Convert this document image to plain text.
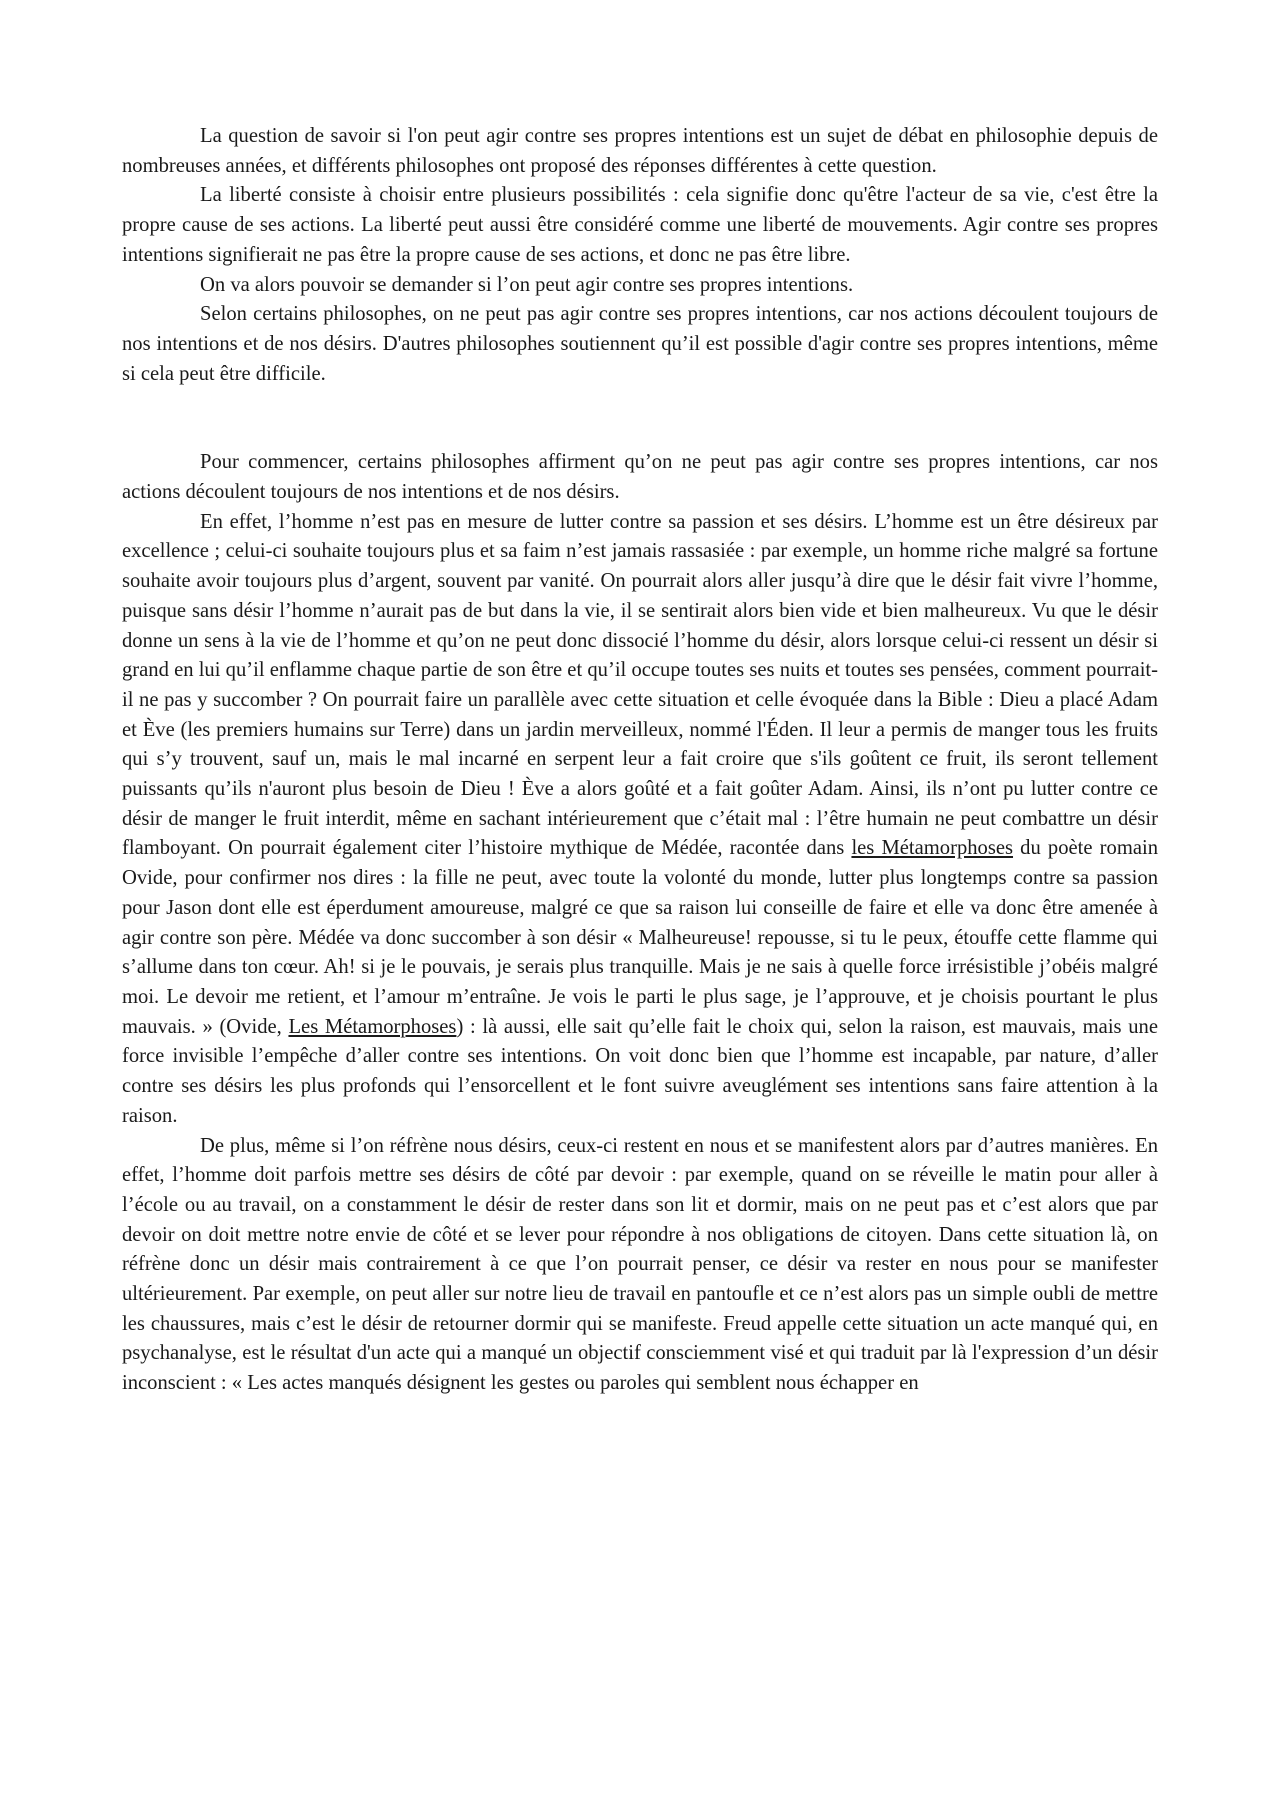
La question de savoir si l'on peut agir contre ses propres intentions est un sujet de débat en philosophie depuis de nombreuses années, et différents philosophes ont proposé des réponses différentes à cette question.

La liberté consiste à choisir entre plusieurs possibilités : cela signifie donc qu'être l'acteur de sa vie, c'est être la propre cause de ses actions. La liberté peut aussi être considéré comme une liberté de mouvements. Agir contre ses propres intentions signifierait ne pas être la propre cause de ses actions, et donc ne pas être libre.

On va alors pouvoir se demander si l’on peut agir contre ses propres intentions.

Selon certains philosophes, on ne peut pas agir contre ses propres intentions, car nos actions découlent toujours de nos intentions et de nos désirs. D'autres philosophes soutiennent qu’il est possible d'agir contre ses propres intentions, même si cela peut être difficile.

Pour commencer, certains philosophes affirment qu’on ne peut pas agir contre ses propres intentions, car nos actions découlent toujours de nos intentions et de nos désirs.

En effet, l’homme n’est pas en mesure de lutter contre sa passion et ses désirs. L’homme est un être désireux par excellence ; celui-ci souhaite toujours plus et sa faim n’est jamais rassasiée : par exemple, un homme riche malgré sa fortune souhaite avoir toujours plus d’argent, souvent par vanité. On pourrait alors aller jusqu’à dire que le désir fait vivre l’homme, puisque sans désir l’homme n’aurait pas de but dans la vie, il se sentirait alors bien vide et bien malheureux. Vu que le désir donne un sens à la vie de l’homme et qu’on ne peut donc dissocié l’homme du désir, alors lorsque celui-ci ressent un désir si grand en lui qu’il enflamme chaque partie de son être et qu’il occupe toutes ses nuits et toutes ses pensées, comment pourrait-il ne pas y succomber ? On pourrait faire un parallèle avec cette situation et celle évoquée dans la Bible : Dieu a placé Adam et Ève (les premiers humains sur Terre) dans un jardin merveilleux, nommé l'Éden. Il leur a permis de manger tous les fruits qui s’y trouvent, sauf un, mais le mal incarné en serpent leur a fait croire que s'ils goûtent ce fruit, ils seront tellement puissants qu’ils n'auront plus besoin de Dieu ! Ève a alors goûté et a fait goûter Adam. Ainsi, ils n’ont pu lutter contre ce désir de manger le fruit interdit, même en sachant intérieurement que c’était mal : l’être humain ne peut combattre un désir flamboyant. On pourrait également citer l’histoire mythique de Médée, racontée dans les Métamorphoses du poète romain Ovide, pour confirmer nos dires : la fille ne peut, avec toute la volonté du monde, lutter plus longtemps contre sa passion pour Jason dont elle est éperdument amoureuse, malgré ce que sa raison lui conseille de faire et elle va donc être amenée à agir contre son père. Médée va donc succomber à son désir « Malheureuse! repousse, si tu le peux, étouffe cette flamme qui s’allume dans ton cœur. Ah! si je le pouvais, je serais plus tranquille. Mais je ne sais à quelle force irrésistible j’obéis malgré moi. Le devoir me retient, et l’amour m’entraîne. Je vois le parti le plus sage, je l’approuve, et je choisis pourtant le plus mauvais. » (Ovide, Les Métamorphoses) : là aussi, elle sait qu’elle fait le choix qui, selon la raison, est mauvais, mais une force invisible l’empêche d’aller contre ses intentions. On voit donc bien que l’homme est incapable, par nature, d’aller contre ses désirs les plus profonds qui l’ensorcellent et le font suivre aveuglément ses intentions sans faire attention à la raison.

De plus, même si l’on réfrène nous désirs, ceux-ci restent en nous et se manifestent alors par d’autres manières. En effet, l’homme doit parfois mettre ses désirs de côté par devoir : par exemple, quand on se réveille le matin pour aller à l’école ou au travail, on a constamment le désir de rester dans son lit et dormir, mais on ne peut pas et c’est alors que par devoir on doit mettre notre envie de côté et se lever pour répondre à nos obligations de citoyen. Dans cette situation là, on réfrène donc un désir mais contrairement à ce que l’on pourrait penser, ce désir va rester en nous pour se manifester ultérieurement. Par exemple, on peut aller sur notre lieu de travail en pantoufle et ce n’est alors pas un simple oubli de mettre les chaussures, mais c’est le désir de retourner dormir qui se manifeste. Freud appelle cette situation un acte manqué qui, en psychanalyse, est le résultat d'un acte qui a manqué un objectif consciemment visé et qui traduit par là l'expression d’un désir inconscient : « Les actes manqués désignent les gestes ou paroles qui semblent nous échapper en
